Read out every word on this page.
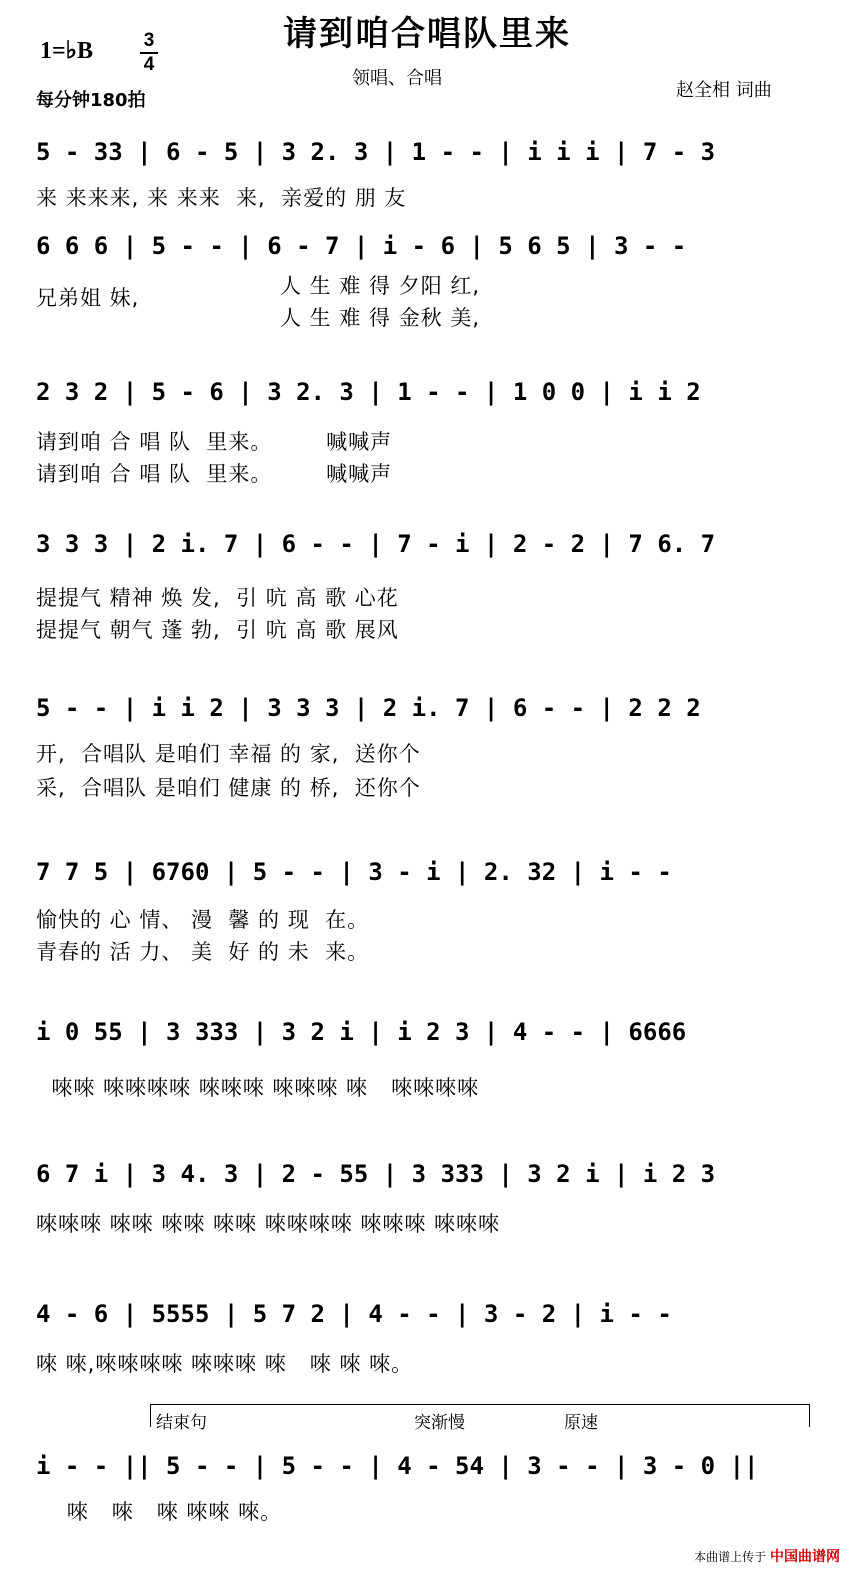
请到咱合唱队里来
1=♭B	3
4
每分钟180拍
领唱、合唱
赵全相 词曲
5 - 33 | 6 - 5 | 3 2. 3 | 1 - - | i i i | 7 - 3
来 来来来, 来 来来  来,  亲爱的 朋 友
6 6 6 | 5 - - | 6 - 7 | i - 6 | 5 6 5 | 3 - -
兄弟姐 妹,	人 生 难 得 夕阳 红,
人 生 难 得 金秋 美,
2 3 2 | 5 - 6 | 3 2. 3 | 1 - - | 1 0 0 | i i 2
请到咱 合 唱 队  里来。       喊喊声
请到咱 合 唱 队  里来。       喊喊声
3 3 3 | 2 i. 7 | 6 - - | 7 - i | 2 - 2 | 7 6. 7
提提气 精神 焕 发,  引 吭 高 歌 心花
提提气 朝气 蓬 勃,  引 吭 高 歌 展风
5 - - | i i 2 | 3 3 3 | 2 i. 7 | 6 - - | 2 2 2
开,  合唱队 是咱们 幸福 的 家,  送你个
采,  合唱队 是咱们 健康 的 桥,  还你个
7 7 5 | 6760 | 5 - - | 3 - i | 2. 32 | i - -
愉快的 心 情、 漫  馨 的 现  在。
青春的 活 力、 美  好 的 未  来。
i 0 55 | 3 333 | 3 2 i | i 2 3 | 4 - - | 6666
唻唻 唻唻唻唻 唻唻唻 唻唻唻 唻   唻唻唻唻
6 7 i | 3 4. 3 | 2 - 55 | 3 333 | 3 2 i | i 2 3
唻唻唻 唻唻 唻唻 唻唻 唻唻唻唻 唻唻唻 唻唻唻
4 - 6 | 5555 | 5 7 2 | 4 - - | 3 - 2 | i - -
唻 唻,唻唻唻唻 唻唻唻 唻   唻 唻 唻。
结束句	突渐慢	原速
i - - || 5 - - | 5 - - | 4 - 54 | 3 - - | 3 - 0 ||
唻   唻   唻 唻唻 唻。
本曲谱上传于 中国曲谱网
